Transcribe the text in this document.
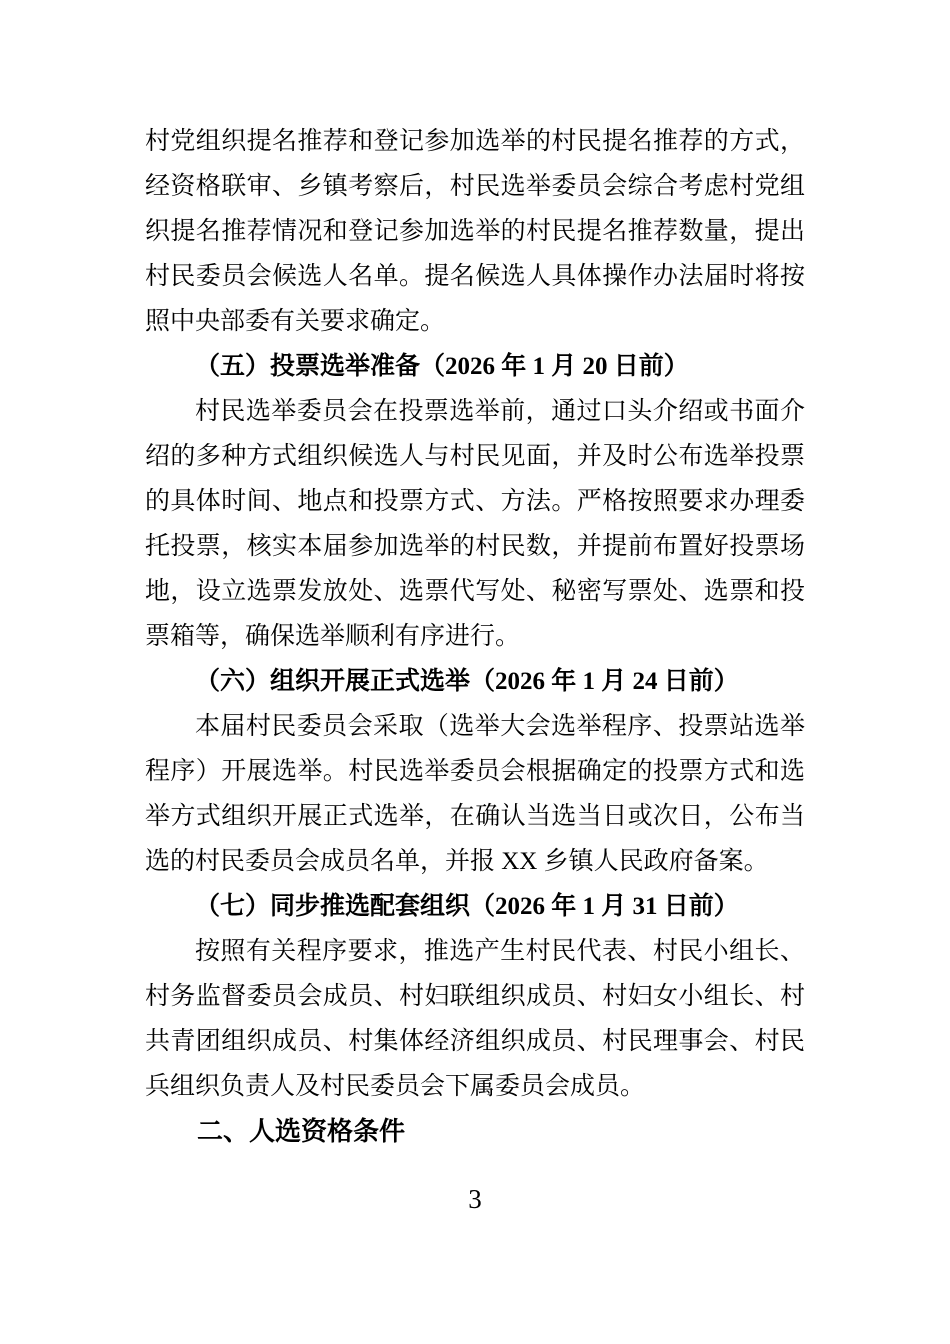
村党组织提名推荐和登记参加选举的村民提名推荐的方式，经资格联审、乡镇考察后，村民选举委员会综合考虑村党组织提名推荐情况和登记参加选举的村民提名推荐数量，提出村民委员会候选人名单。提名候选人具体操作办法届时将按照中央部委有关要求确定。

（五）投票选举准备（2026 年 1 月 20 日前）

村民选举委员会在投票选举前，通过口头介绍或书面介绍的多种方式组织候选人与村民见面，并及时公布选举投票的具体时间、地点和投票方式、方法。严格按照要求办理委托投票，核实本届参加选举的村民数，并提前布置好投票场地，设立选票发放处、选票代写处、秘密写票处、选票和投票箱等，确保选举顺利有序进行。

（六）组织开展正式选举（2026 年 1 月 24 日前）

本届村民委员会采取（选举大会选举程序、投票站选举程序）开展选举。村民选举委员会根据确定的投票方式和选举方式组织开展正式选举，在确认当选当日或次日，公布当选的村民委员会成员名单，并报 XX 乡镇人民政府备案。

（七）同步推选配套组织（2026 年 1 月 31 日前）

按照有关程序要求，推选产生村民代表、村民小组长、村务监督委员会成员、村妇联组织成员、村妇女小组长、村共青团组织成员、村集体经济组织成员、村民理事会、村民兵组织负责人及村民委员会下属委员会成员。

二、人选资格条件

3
